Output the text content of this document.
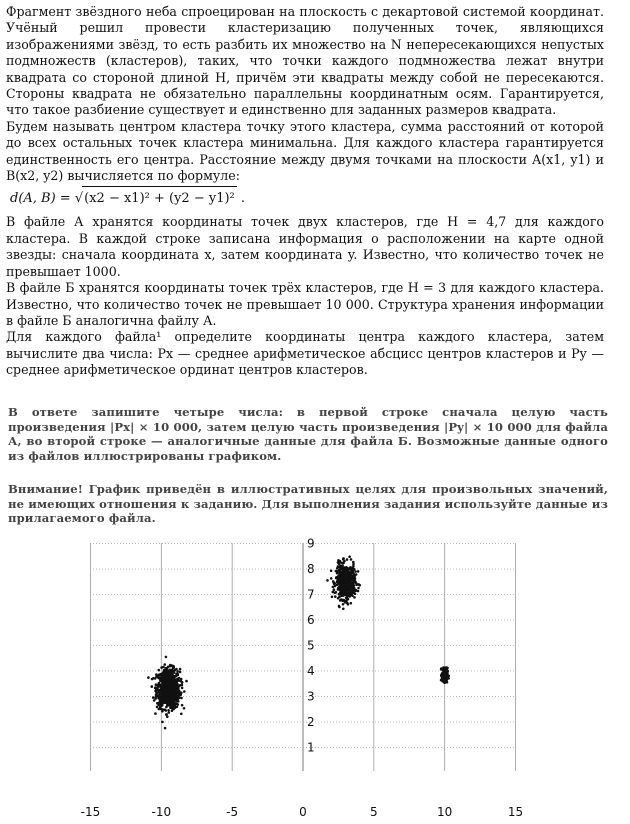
Фрагмент звёздного неба спроецирован на плоскость с декартовой системой координат. Учёный решил провести кластеризацию полученных точек, являющихся изображениями звёзд, то есть разбить их множество на N непересекающихся непустых подмножеств (кластеров), таких, что точки каждого подмножества лежат внутри квадрата со стороной длиной H, причём эти квадраты между собой не пересекаются. Стороны квадрата не обязательно параллельны координатным осям. Гарантируется, что такое разбиение существует и единственно для заданных размеров квадрата.

Будем называть центром кластера точку этого кластера, сумма расстояний от которой до всех остальных точек кластера минимальна. Для каждого кластера гарантируется единственность его центра. Расстояние между двумя точками на плоскости A(x1, y1) и B(x2, y2) вычисляется по формуле:

d(A, B) = √(x2 − x1)² + (y2 − y1)² .

В файле А хранятся координаты точек двух кластеров, где H = 4,7 для каждого кластера. В каждой строке записана информация о расположении на карте одной звезды: сначала координата x, затем координата y. Известно, что количество точек не превышает 1000.

В файле Б хранятся координаты точек трёх кластеров, где H = 3 для каждого кластера. Известно, что количество точек не превышает 10 000. Структура хранения информации в файле Б аналогична файлу А.

Для каждого файла¹ определите координаты центра каждого кластера, затем вычислите два числа: Px — среднее арифметическое абсцисс центров кластеров и Py — среднее арифметическое ординат центров кластеров.

В ответе запишите четыре числа: в первой строке сначала целую часть произведения |Px| × 10 000, затем целую часть произведения |Py| × 10 000 для файла А, во второй строке — аналогичные данные для файла Б. Возможные данные одного из файлов иллюстрированы графиком.

Внимание! График приведён в иллюстративных целях для произвольных значений, не имеющих отношения к заданию. Для выполнения задания используйте данные из прилагаемого файла.

-15	-10	-5	0	5	10	15
1
2
3
4
5
6
7
8
9
